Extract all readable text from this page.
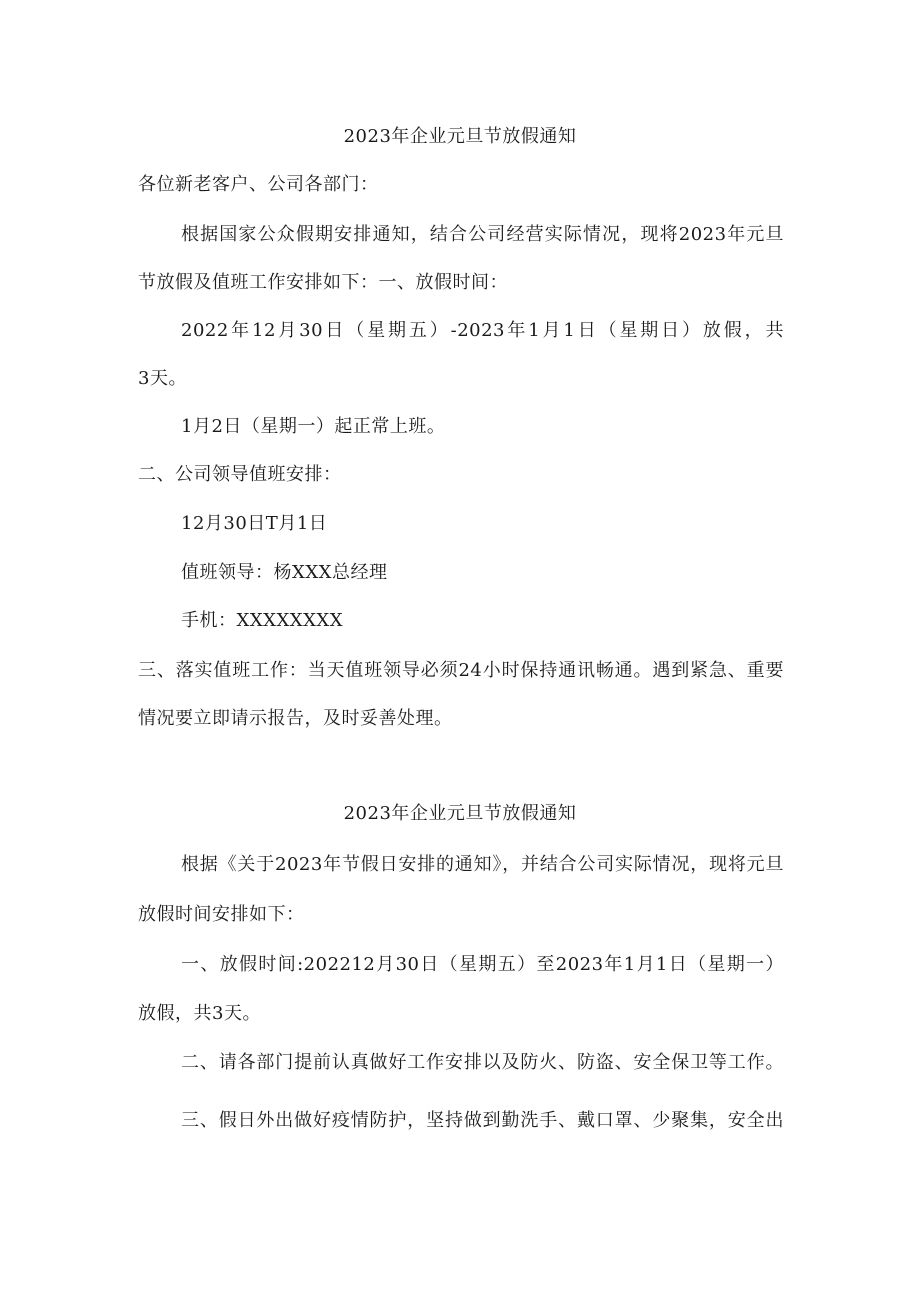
2023年企业元旦节放假通知
各位新老客户、公司各部门：
根据国家公众假期安排通知，结合公司经营实际情况，现将2023年元旦
节放假及值班工作安排如下：一、放假时间：
2022年12月30日（星期五）-2023年1月1日（星期日）放假，共
3天。
1月2日（星期一）起正常上班。
二、公司领导值班安排：
12月30日T月1日
值班领导：杨XXX总经理
手机：XXXXXXXX
三、落实值班工作：当天值班领导必须24小时保持通讯畅通。遇到紧急、重要
情况要立即请示报告，及时妥善处理。
2023年企业元旦节放假通知
根据《关于2023年节假日安排的通知》，并结合公司实际情况，现将元旦
放假时间安排如下：
一、放假时间:202212月30日（星期五）至2023年1月1日（星期一）
放假，共3天。
二、请各部门提前认真做好工作安排以及防火、防盗、安全保卫等工作。
三、假日外出做好疫情防护，坚持做到勤洗手、戴口罩、少聚集，安全出
